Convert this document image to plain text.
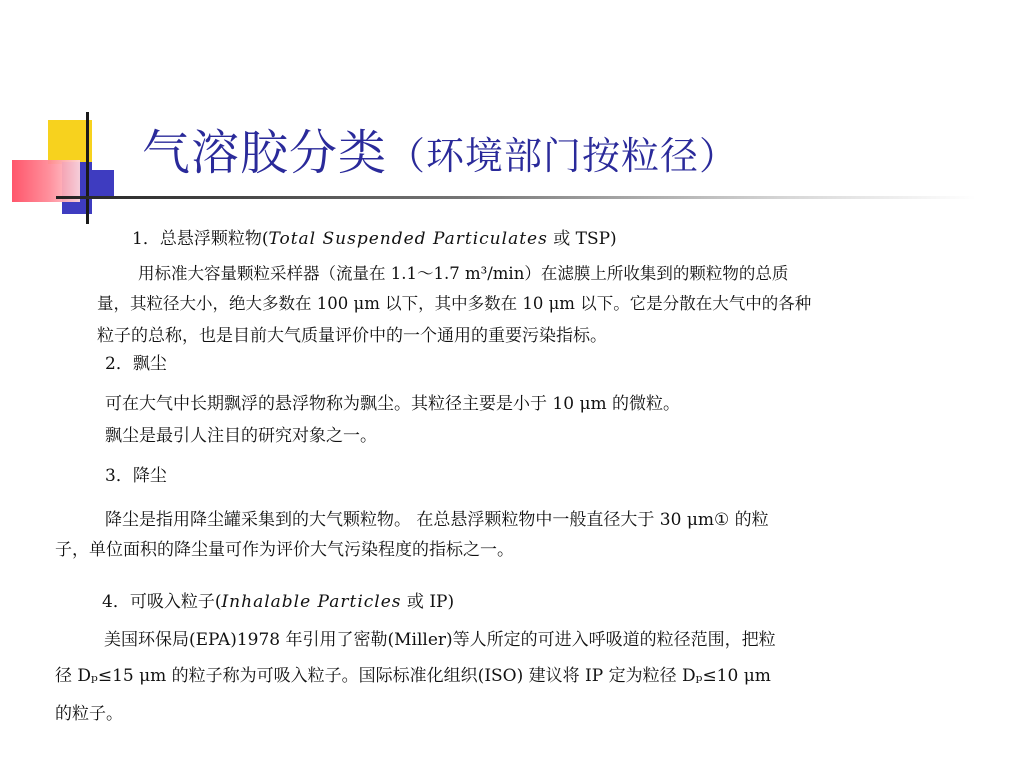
气溶胶分类（环境部门按粒径）
1．总悬浮颗粒物(Total Suspended Particulates 或 TSP)
用标准大容量颗粒采样器（流量在 1.1～1.7 m³/min）在滤膜上所收集到的颗粒物的总质
量，其粒径大小，绝大多数在 100 μm 以下，其中多数在 10 μm 以下。它是分散在大气中的各种
粒子的总称，也是目前大气质量评价中的一个通用的重要污染指标。
2．飘尘
可在大气中长期飘浮的悬浮物称为飘尘。其粒径主要是小于 10 μm 的微粒。
飘尘是最引人注目的研究对象之一。
3．降尘
降尘是指用降尘罐采集到的大气颗粒物。 在总悬浮颗粒物中一般直径大于 30 μm① 的粒
子，单位面积的降尘量可作为评价大气污染程度的指标之一。
4．可吸入粒子(Inhalable Particles 或 IP)
美国环保局(EPA)1978 年引用了密勒(Miller)等人所定的可进入呼吸道的粒径范围，把粒
径 Dₚ≤15 μm 的粒子称为可吸入粒子。国际标准化组织(ISO) 建议将 IP 定为粒径 Dₚ≤10 μm
的粒子。
